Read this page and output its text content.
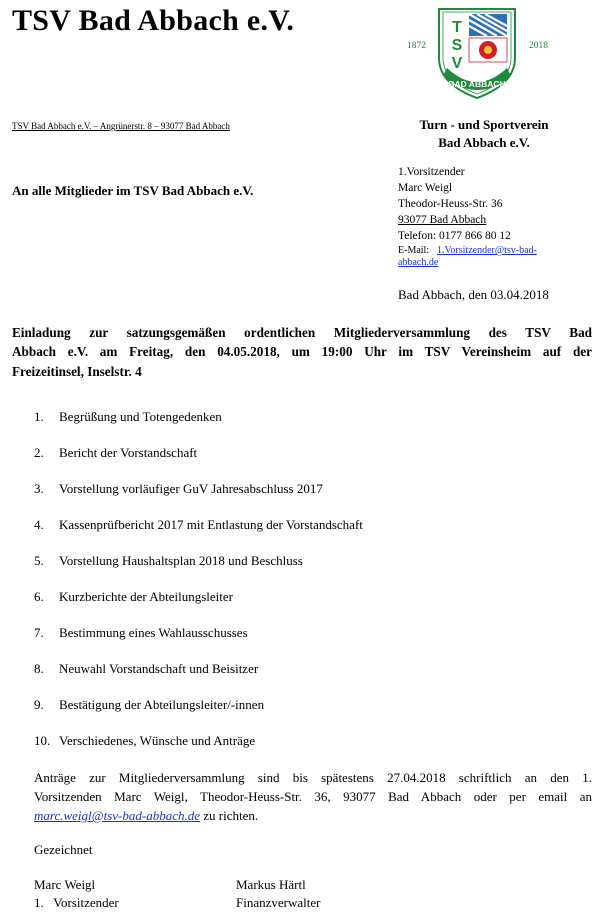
TSV Bad Abbach e.V.
1872	2018
T
S
V
BAD ABBACH
TSV Bad Abbach e.V. – Angrünerstr. 8 – 93077 Bad Abbach	Turn - und Sportverein
Bad Abbach e.V.
An alle Mitglieder im TSV Bad Abbach e.V.
1.Vorsitzender
Marc Weigl
Theodor-Heuss-Str. 36
93077 Bad Abbach
Telefon: 0177 866 80 12
E-Mail: 1.Vorsitzender@tsv-bad-
abbach.de
Bad Abbach, den 03.04.2018
Einladung zur satzungsgemäßen ordentlichen Mitgliederversammlung des TSV Bad
Abbach e.V. am Freitag, den 04.05.2018, um 19:00 Uhr im TSV Vereinsheim auf der
Freizeitinsel, Inselstr. 4
1. Begrüßung und Totengedenken
2. Bericht der Vorstandschaft
3. Vorstellung vorläufiger GuV Jahresabschluss 2017
4. Kassenprüfbericht 2017 mit Entlastung der Vorstandschaft
5. Vorstellung Haushaltsplan 2018 und Beschluss
6. Kurzberichte der Abteilungsleiter
7. Bestimmung eines Wahlausschusses
8. Neuwahl Vorstandschaft und Beisitzer
9. Bestätigung der Abteilungsleiter/-innen
10. Verschiedenes, Wünsche und Anträge
Anträge zur Mitgliederversammlung sind bis spätestens 27.04.2018 schriftlich an den 1.
Vorsitzenden Marc Weigl, Theodor-Heuss-Str. 36, 93077 Bad Abbach oder per email an
marc.weigl@tsv-bad-abbach.de zu richten.
Gezeichnet
Marc Weigl
1.   Vorsitzender
Markus Härtl
Finanzverwalter
